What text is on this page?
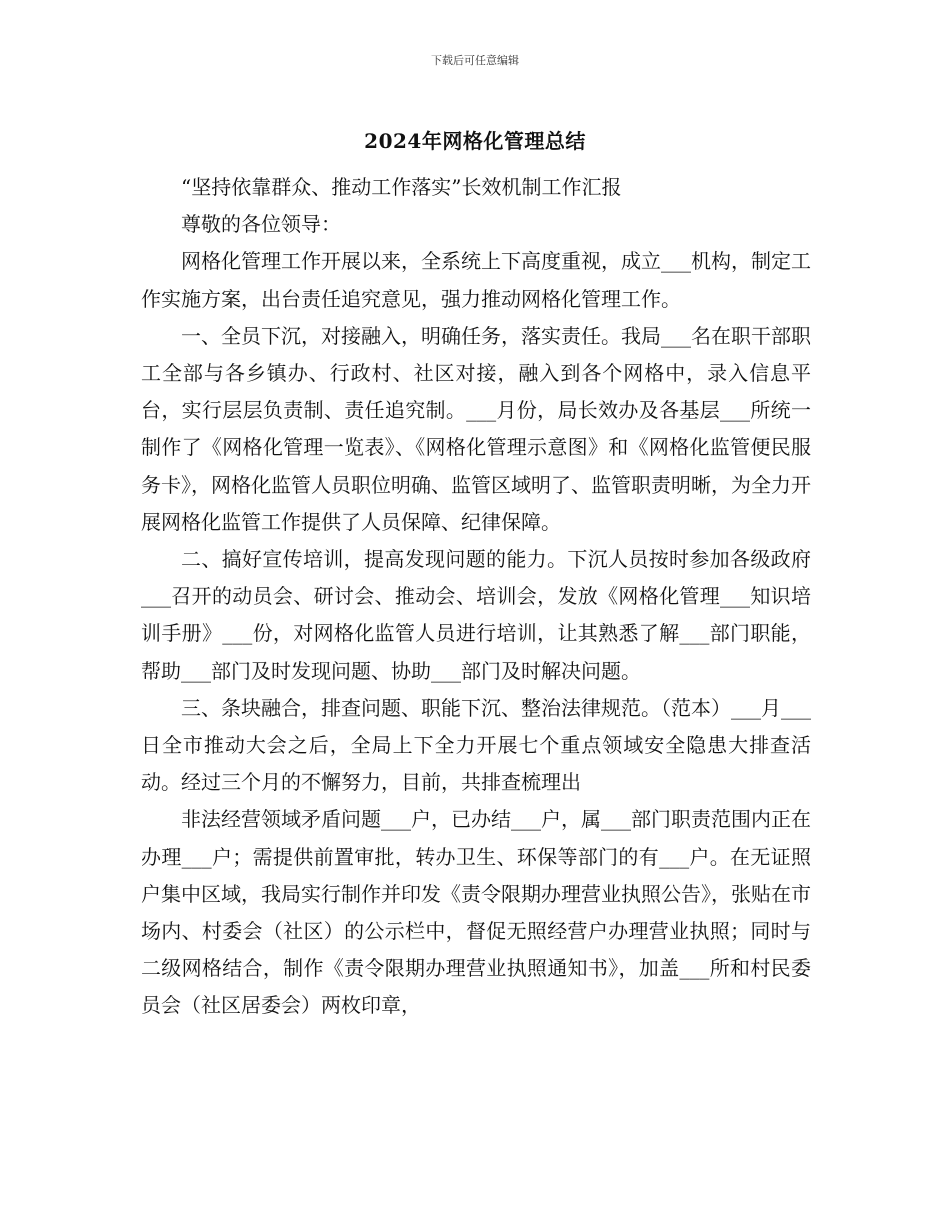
下载后可任意编辑
2024年网格化管理总结

“坚持依靠群众、推动工作落实”长效机制工作汇报

尊敬的各位领导：

网格化管理工作开展以来，全系统上下高度重视，成立___机构，制定工作实施方案，出台责任追究意见，强力推动网格化管理工作。

一、全员下沉，对接融入，明确任务，落实责任。我局___名在职干部职工全部与各乡镇办、行政村、社区对接，融入到各个网格中，录入信息平台，实行层层负责制、责任追究制。___月份，局长效办及各基层___所统一制作了《网格化管理一览表》、《网格化管理示意图》和《网格化监管便民服务卡》，网格化监管人员职位明确、监管区域明了、监管职责明晰，为全力开展网格化监管工作提供了人员保障、纪律保障。

二、搞好宣传培训，提高发现问题的能力。下沉人员按时参加各级政府___召开的动员会、研讨会、推动会、培训会，发放《网格化管理___知识培训手册》___份，对网格化监管人员进行培训，让其熟悉了解___部门职能，帮助___部门及时发现问题、协助___部门及时解决问题。

三、条块融合，排查问题、职能下沉、整治法律规范。（范本）___月___日全市推动大会之后，全局上下全力开展七个重点领域安全隐患大排查活动。经过三个月的不懈努力，目前，共排查梳理出

非法经营领域矛盾问题___户，已办结___户，属___部门职责范围内正在办理___户；需提供前置审批，转办卫生、环保等部门的有___户。在无证照户集中区域，我局实行制作并印发《责令限期办理营业执照公告》，张贴在市场内、村委会（社区）的公示栏中，督促无照经营户办理营业执照；同时与二级网格结合，制作《责令限期办理营业执照通知书》，加盖___所和村民委员会（社区居委会）两枚印章，
